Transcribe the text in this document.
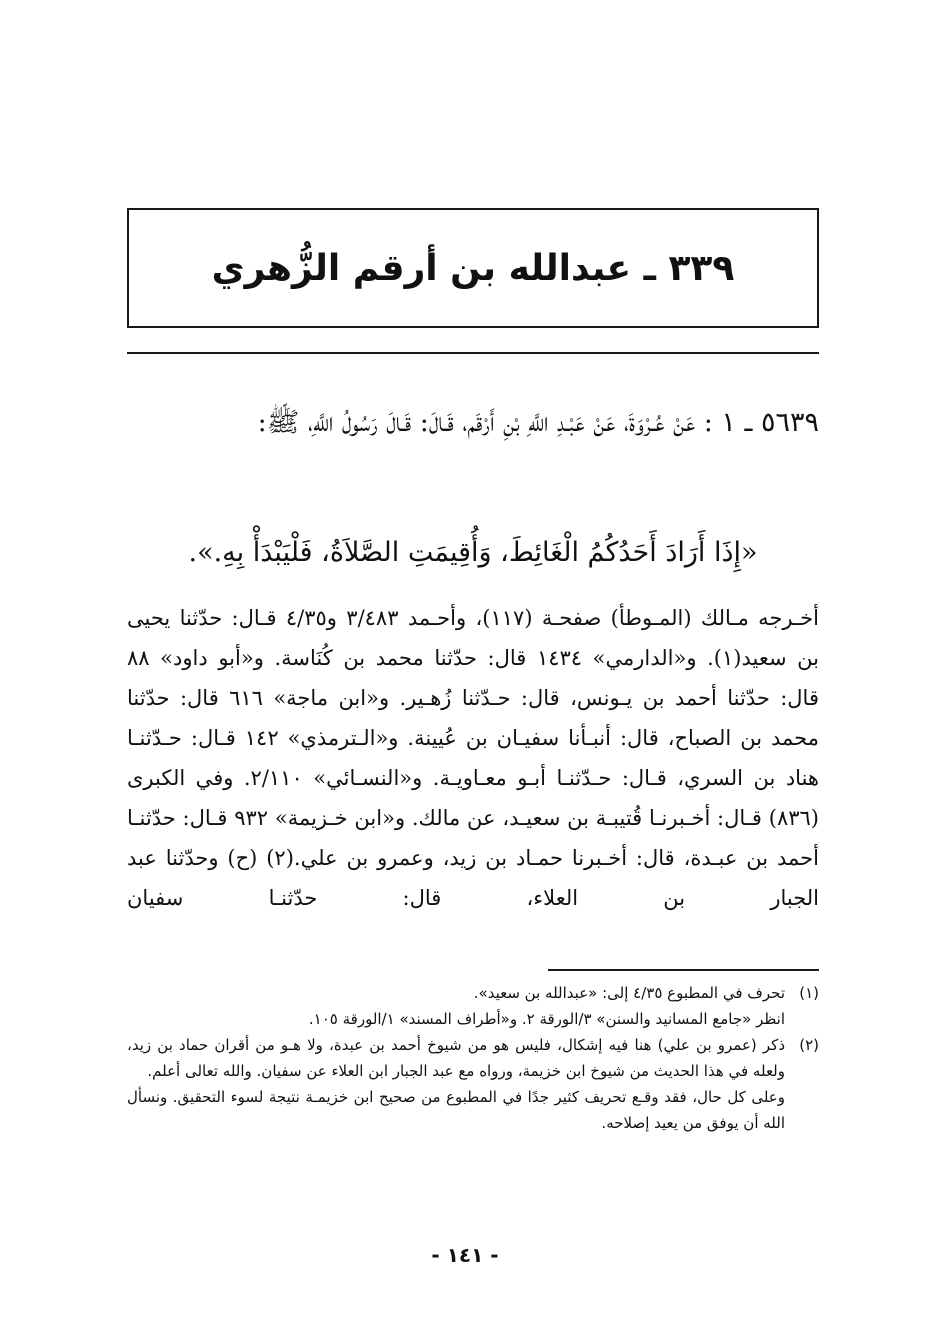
٣٣٩ ـ عبدالله بن أرقم الزُّهري
٥٦٣٩ ـ ١ : عَنْ عُـرْوَةَ، عَنْ عَبْـدِ اللَّهِ بْنِ أَرْقَم، قَـالَ: قَـالَ رَسُولُ اللَّهِ، ﷺ:
«إِذَا أَرَادَ أَحَدُكُمُ الْغَائِطَ، وَأُقِيمَتِ الصَّلاَةُ، فَلْيَبْدَأْ بِهِ.».

أخـرجه مـالك (المـوطأ) صفحـة (١١٧)، وأحـمد ٣/٤٨٣ و٤/٣٥ قـال: حدّثنا يحيى بن سعيد(١). و«الدارمي» ١٤٣٤ قال: حدّثنا محمد بن كُنَاسة. و«أبو داود» ٨٨ قال: حدّثنا أحمد بن يـونس، قال: حـدّثنا زُهـير. و«ابن ماجة» ٦١٦ قال: حدّثنا محمد بن الصباح، قال: أنبـأنا سفيـان بن عُيينة. و«الـترمذي» ١٤٢ قـال: حـدّثنـا هناد بن السري، قـال: حـدّثنـا أبـو معـاويـة. و«النسـائي» ٢/١١٠. وفي الكبرى (٨٣٦) قـال: أخـبرنـا قُتيبـة بن سعيـد، عن مالك. و«ابن خـزيمة» ٩٣٢ قـال: حدّثنـا أحمد بن عبـدة، قال: أخـبرنا حمـاد بن زيد، وعمرو بن علي.(٢) (ح) وحدّثنا عبد الجبار بن العلاء، قال: حدّثنـا سفيان

(١)

تحرف في المطبوع ٤/٣٥ إلى: «عبدالله بن سعيد».

انظر «جامع المسانيد والسنن» ٣/الورقة ٢. و«أطراف المسند» ١/الورقة ١٠٥.

(٢)

ذكر (عمرو بن علي) هنا فيه إشكال، فليس هو من شيوخ أحمد بن عبدة، ولا هـو من أقران حماد بن زيد، ولعله في هذا الحديث من شيوخ ابن خزيمة، ورواه مع عبد الجبار ابن العلاء عن سفيان. والله تعالى أعلم.

وعلى كل حال، فقد وقـع تحريف كثير جدًا في المطبوع من صحيح ابن خزيمـة نتيجة لسوء التحقيق. ونسأل الله أن يوفق من يعيد إصلاحه.

- ١٤١ -
